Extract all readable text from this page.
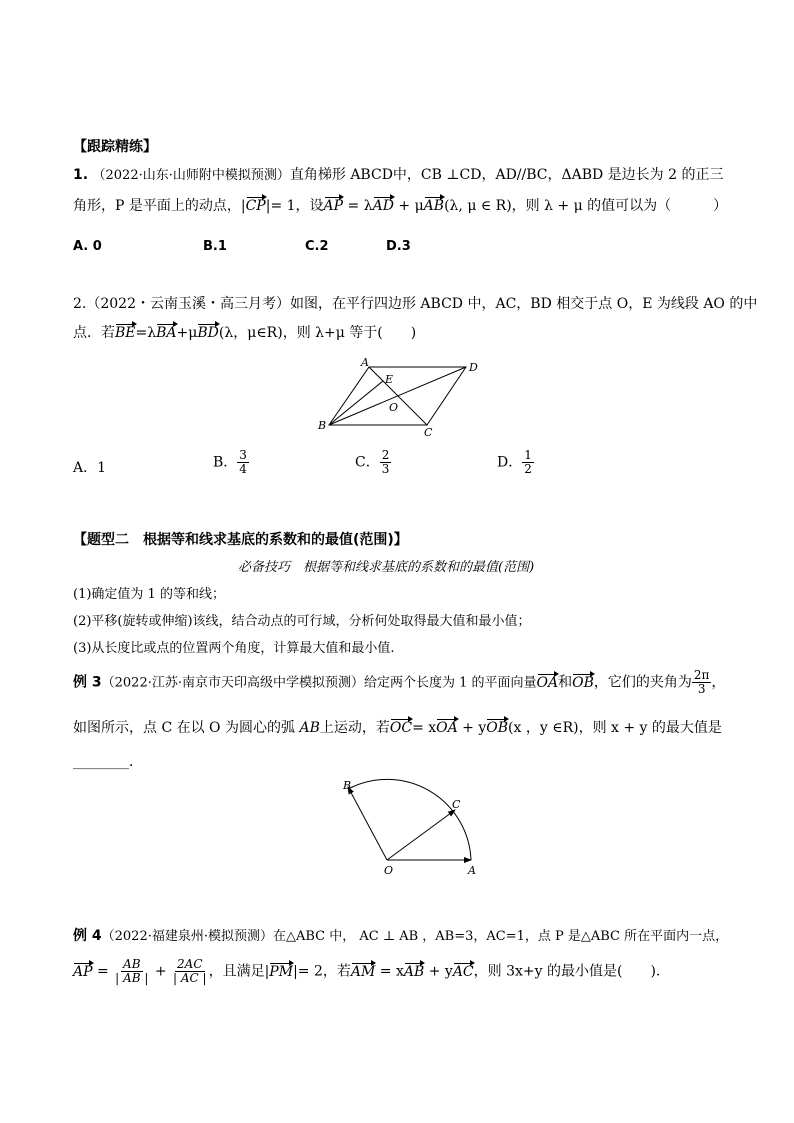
【跟踪精练】
1. （2022·山东·山师附中模拟预测）直角梯形 ABCD中，CB ⊥CD，AD//BC，ΔABD 是边长为 2 的正三
角形，P 是平面上的动点，|CP|= 1，设AP = λAD + μAB(λ, μ ∈ R)，则 λ + μ 的值可以为（　　　）
A. 0	B.1	C.2	D.3
2.（2022・云南玉溪・高三月考）如图，在平行四边形 ABCD 中，AC，BD 相交于点 O，E 为线段 AO 的中
点．若BE=λBA+μBD(λ，μ∈R)，则 λ+μ 等于(　　)
A	D
B
C
E
O
A．1	B． $\frac{3}{4}$	C． $\frac{2}{3}$	D． $\frac{1}{2}$
【题型二　根据等和线求基底的系数和的最值(范围)】
必备技巧　根据等和线求基底的系数和的最值(范围)
(1)确定值为 1 的等和线；
(2)平移(旋转或伸缩)该线，结合动点的可行域，分析何处取得最大值和最小值；
(3)从长度比或点的位置两个角度，计算最大值和最小值.
例 3（2022·江苏·南京市天印高级中学模拟预测）给定两个长度为 1 的平面向量OA和OB，它们的夹角为 $\frac{2\pi}{3}$ ，
如图所示，点 C 在以 O 为圆心的弧 AB上运动，若OC= xOA + yOB(x ，y ∈R)，则 x + y 的最大值是
________．
O	A
B
C
例 4（2022·福建泉州·模拟预测）在△ABC 中， AC ⊥ AB ，AB=3，AC=1，点 P 是△ABC 所在平面内一点，
AP = $\frac{AB}{| AB |} + \frac{2AC}{| AC |}$ ，且满足|PM|= 2，若AM = xAB + yAC，则 3x+y 的最小值是(　　).
